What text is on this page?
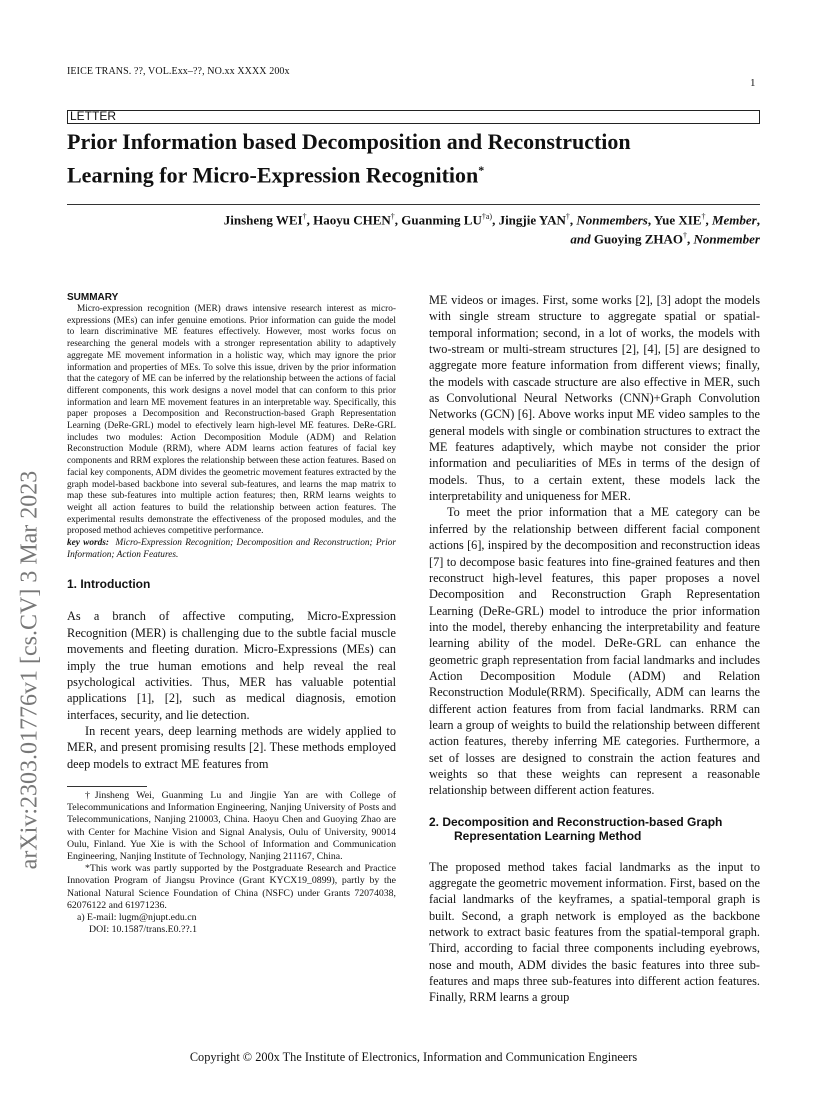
IEICE TRANS. ??, VOL.Exx–??, NO.xx XXXX 200x
1
LETTER
Prior Information based Decomposition and Reconstruction
Learning for Micro-Expression Recognition*
Jinsheng WEI†, Haoyu CHEN†, Guanming LU$^{\dagger a)}$, Jingjie YAN†, Nonmembers, Yue XIE†, Member,
and Guoying ZHAO†, Nonmember
arXiv:2303.01776v1 [cs.CV] 3 Mar 2023
SUMMARY

Micro-expression recognition (MER) draws intensive research interest as micro-expressions (MEs) can infer genuine emotions. Prior information can guide the model to learn discriminative ME features effectively. However, most works focus on researching the general models with a stronger representation ability to adaptively aggregate ME movement information in a holistic way, which may ignore the prior information and properties of MEs. To solve this issue, driven by the prior information that the category of ME can be inferred by the relationship between the actions of facial different components, this work designs a novel model that can conform to this prior information and learn ME movement features in an interpretable way. Specifically, this paper proposes a Decomposition and Reconstruction-based Graph Representation Learning (DeRe-GRL) model to efectively learn high-level ME features. DeRe-GRL includes two modules: Action Decomposition Module (ADM) and Relation Reconstruction Module (RRM), where ADM learns action features of facial key components and RRM explores the relationship between these action features. Based on facial key components, ADM divides the geometric movement features extracted by the graph model-based backbone into several sub-features, and learns the map matrix to map these sub-features into multiple action features; then, RRM learns weights to weight all action features to build the relationship between action features. The experimental results demonstrate the effectiveness of the proposed modules, and the proposed method achieves competitive performance.

key words: Micro-Expression Recognition; Decomposition and Reconstruction; Prior Information; Action Features.

1. Introduction

As a branch of affective computing, Micro-Expression Recognition (MER) is challenging due to the subtle facial muscle movements and fleeting duration. Micro-Expressions (MEs) can imply the true human emotions and help reveal the real psychological activities. Thus, MER has valuable potential applications [1], [2], such as medical diagnosis, emotion interfaces, security, and lie detection.

In recent years, deep learning methods are widely applied to MER, and present promising results [2]. These methods employed deep models to extract ME features from

†Jinsheng Wei, Guanming Lu and Jingjie Yan are with College of Telecommunications and Information Engineering, Nanjing University of Posts and Telecommunications, Nanjing 210003, China. Haoyu Chen and Guoying Zhao are with Center for Machine Vision and Signal Analysis, Oulu of University, 90014 Oulu, Finland. Yue Xie is with the School of Information and Communication Engineering, Nanjing Institute of Technology, Nanjing 211167, China.

*This work was partly supported by the Postgraduate Research and Practice Innovation Program of Jiangsu Province (Grant KYCX19_0899), partly by the National Natural Science Foundation of China (NSFC) under Grants 72074038, 62076122 and 61971236.

a) E-mail: lugm@njupt.edu.cn

DOI: 10.1587/trans.E0.??.1

ME videos or images. First, some works [2], [3] adopt the models with single stream structure to aggregate spatial or spatial-temporal information; second, in a lot of works, the models with two-stream or multi-stream structures [2], [4], [5] are designed to aggregate more feature information from different views; finally, the models with cascade structure are also effective in MER, such as Convolutional Neural Networks (CNN)+Graph Convolution Networks (GCN) [6]. Above works input ME video samples to the general models with single or combination structures to extract the ME features adaptively, which maybe not consider the prior information and peculiarities of MEs in terms of the design of models. Thus, to a certain extent, these models lack the interpretability and uniqueness for MER.

To meet the prior information that a ME category can be inferred by the relationship between different facial component actions [6], inspired by the decomposition and reconstruction ideas [7] to decompose basic features into fine-grained features and then reconstruct high-level features, this paper proposes a novel Decomposition and Reconstruction Graph Representation Learning (DeRe-GRL) model to introduce the prior information into the model, thereby enhancing the interpretability and feature learning ability of the model. DeRe-GRL can enhance the geometric graph representation from facial landmarks and includes Action Decomposition Module (ADM) and Relation Reconstruction Module(RRM). Specifically, ADM can learns the different action features from from facial landmarks. RRM can learn a group of weights to build the relationship between different action features, thereby inferring ME categories. Furthermore, a set of losses are designed to constrain the action features and weights so that these weights can represent a reasonable relationship between different action features.

2. Decomposition and Reconstruction-based Graph

Representation Learning Method

The proposed method takes facial landmarks as the input to aggregate the geometric movement information. First, based on the facial landmarks of the keyframes, a spatial-temporal graph is built. Second, a graph network is employed as the backbone network to extract basic features from the spatial-temporal graph. Third, according to facial three components including eyebrows, nose and mouth, ADM divides the basic features into three sub-features and maps three sub-features into different action features. Finally, RRM learns a group

Copyright © 200x The Institute of Electronics, Information and Communication Engineers
